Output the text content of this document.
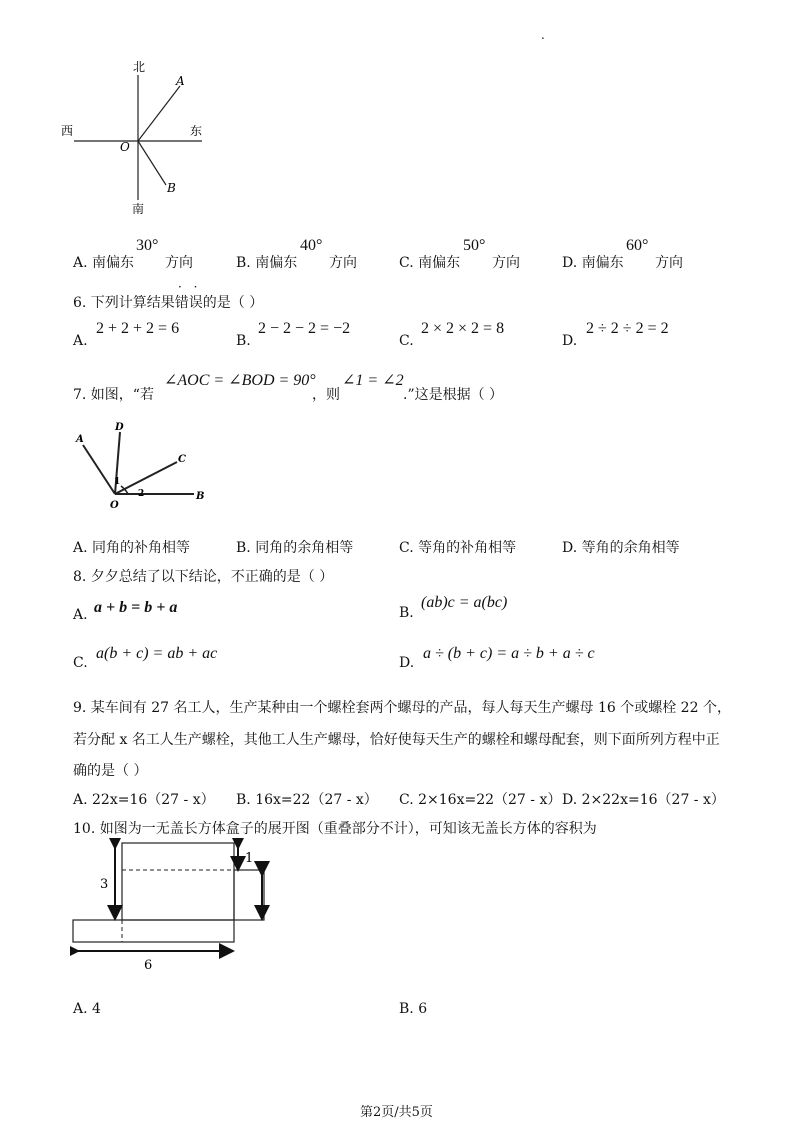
.
北
南
西	东
O
A
B
A. 南偏东
30°
方向	B. 南偏东
40°
方向	C. 南偏东
50°
方向	D. 南偏东
60°
方向
· ·
6. 下列计算结果错误的是（ ）
A.
2 + 2 + 2 = 6
B.
2 − 2 − 2 = −2
C.
2 × 2 × 2 = 8
D.
2 ÷ 2 ÷ 2 = 2
7. 如图，“若
∠AOC = ∠BOD = 90°
，则
∠1 = ∠2
.”这是根据（ ）
A
D
C
B
O
1
2
A. 同角的补角相等	B. 同角的余角相等	C. 等角的补角相等	D. 等角的余角相等
8. 夕夕总结了以下结论，不正确的是（ ）
A. a + b = b + a	B.
(ab)c = a(bc)
C.
a(b + c) = ab + ac
D.
a ÷ (b + c) = a ÷ b + a ÷ c
9. 某车间有 27 名工人，生产某种由一个螺栓套两个螺母的产品，每人每天生产螺母 16 个或螺栓 22 个，
若分配 x 名工人生产螺栓，其他工人生产螺母，恰好使每天生产的螺栓和螺母配套，则下面所列方程中正
确的是（ ）
A. 22x=16（27 - x） B. 16x=22（27 - x） C. 2×16x=22（27 - x） D. 2×22x=16（27 - x）
10. 如图为一无盖长方体盒子的展开图（重叠部分不计），可知该无盖长方体的容积为
3
1
6
A. 4	B. 6
第2页/共5页
